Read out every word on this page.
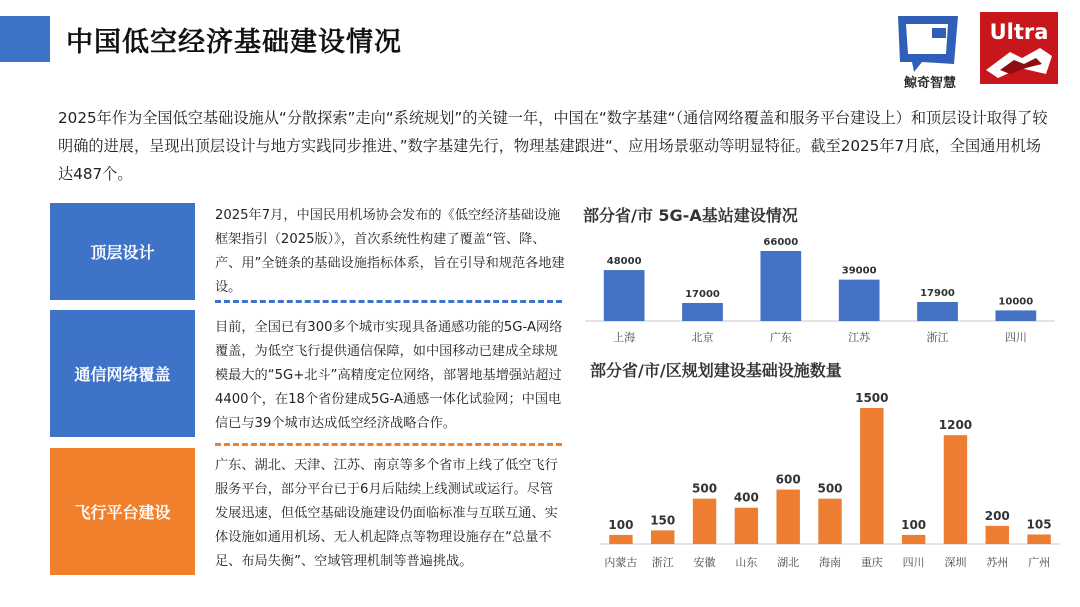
中国低空经济基础建设情况
鲸奇智慧
Ultra
2025年作为全国低空基础设施从“分散探索”走向“系统规划”的关键一年，中国在“数字基建“（通信网络覆盖和服务平台建设上）和顶层设计取得了较明确的进展，呈现出顶层设计与地方实践同步推进、”数字基建先行，物理基建跟进“、应用场景驱动等明显特征。截至2025年7月底，全国通用机场达487个。
顶层设计
2025年7月，中国民用机场协会发布的《低空经济基础设施框架指引（2025版）》，首次系统性构建了覆盖“管、降、产、用”全链条的基础设施指标体系，旨在引导和规范各地建设。
通信网络覆盖
目前，全国已有300多个城市实现具备通感功能的5G-A网络覆盖，为低空飞行提供通信保障，如中国移动已建成全球规模最大的“5G+北斗”高精度定位网络，部署地基增强站超过4400个，在18个省份建成5G-A通感一体化试验网；中国电信已与39个城市达成低空经济战略合作。
飞行平台建设
广东、湖北、天津、江苏、南京等多个省市上线了低空飞行服务平台，部分平台已于6月后陆续上线测试或运行。尽管发展迅速，但低空基础设施建设仍面临标准与互联互通、实体设施如通用机场、无人机起降点等物理设施存在“总量不足、布局失衡”、空域管理机制等普遍挑战。
部分省/市 5G-A基站建设情况
48000
上海
17000
北京
66000
广东
39000
江苏
17900
浙江
10000
四川
部分省/市/区规划建设基础设施数量
100
内蒙古
150
浙江
500
安徽
400
山东
600
湖北
500
海南
1500
重庆
100
四川
1200
深圳
200
苏州
105
广州
